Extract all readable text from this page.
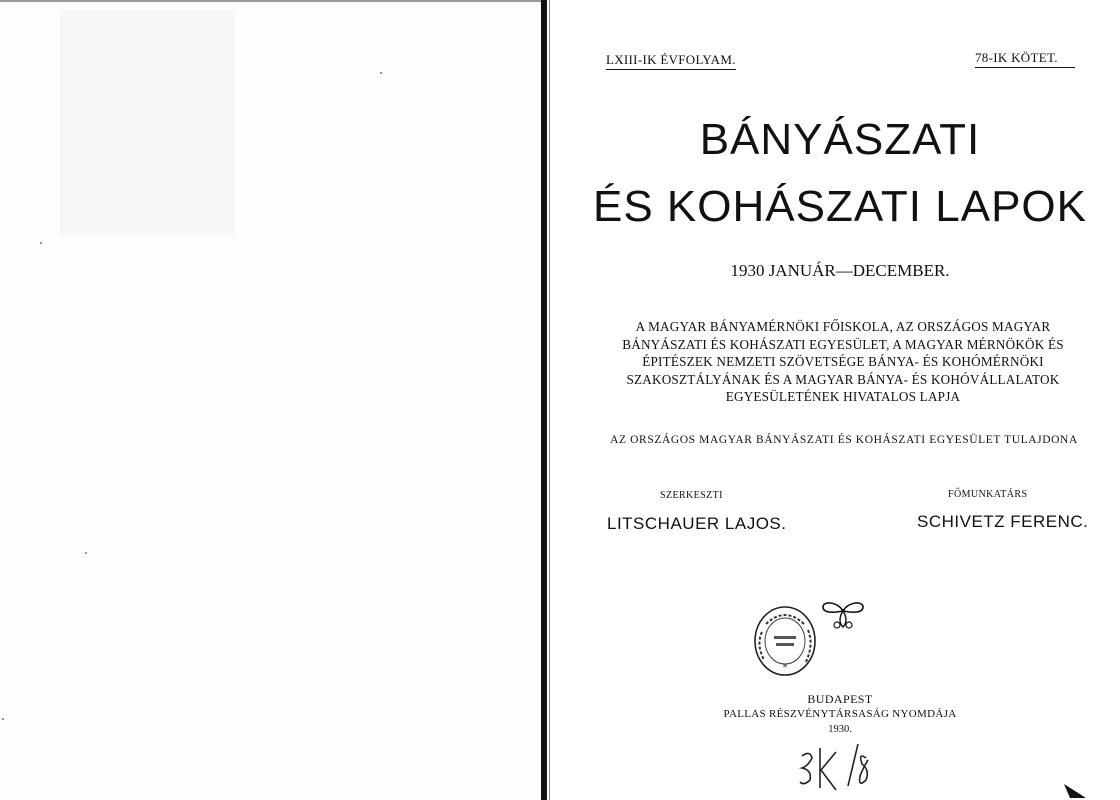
LXIII-IK ÉVFOLYAM.	78-IK KÖTET.
BÁNYÁSZATI
ÉS KOHÁSZATI LAPOK
1930 JANUÁR—DECEMBER.
A MAGYAR BÁNYAMÉRNÖKI FŐISKOLA, AZ ORSZÁGOS MAGYAR BÁNYÁSZATI ÉS KOHÁSZATI EGYESÜLET, A MAGYAR MÉRNÖKÖK ÉS ÉPITÉSZEK NEMZETI SZÖVETSÉGE BÁNYA- ÉS KOHÓMÉRNÖKI SZAKOSZTÁLYÁNAK ÉS A MAGYAR BÁNYA- ÉS KOHÓVÁLLALATOK EGYESÜLETÉNEK HIVATALOS LAPJA
AZ ORSZÁGOS MAGYAR BÁNYÁSZATI ÉS KOHÁSZATI EGYESÜLET TULAJDONA
SZERKESZTI	FŐMUNKATÁRS
LITSCHAUER LAJOS.	SCHIVETZ FERENC.
*
BUDAPEST
PALLAS RÉSZVÉNYTÁRSASÁG NYOMDÁJA
1930.
